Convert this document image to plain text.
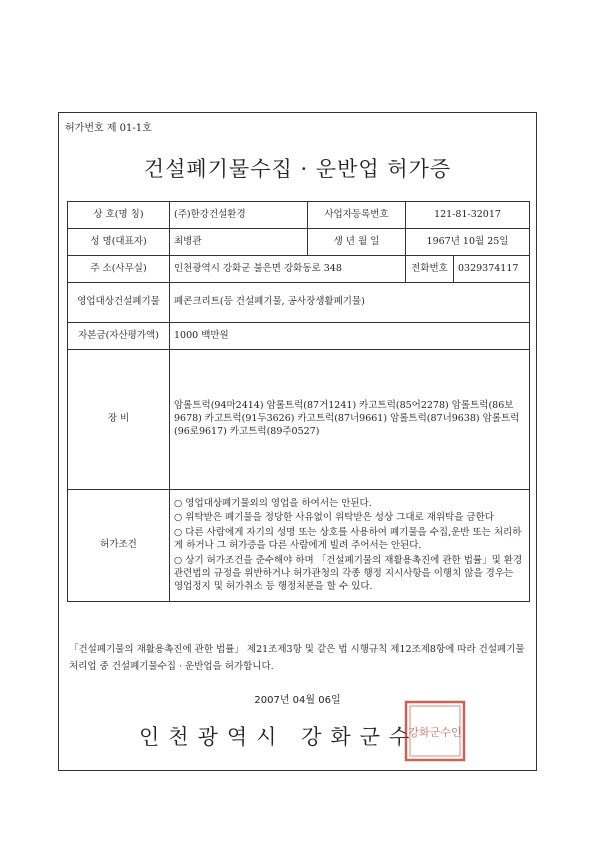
허가번호 제 01-1호
건설폐기물수집 · 운반업 허가증
상 호(명 칭)	(주)한강건설환경	사업자등록번호	121-81-32017	
성 명(대표자)	최병관	생 년 월 일	1967년 10월 25일	
주 소(사무실)	인천광역시 강화군 불은면 강화동로 348		전화번호	0329374117
영업대상건설폐기물	폐콘크리트(등 건설폐기물, 공사장생활폐기물)			
자본금(자산평가액)	1000 백만원			
장 비	암롤트럭(94마2414) 암롤트럭(87거1241) 카고트럭(85어2278) 암롤트럭(86보9678) 카고트럭(91두3626) 카고트럭(87너9661) 암롤트럭(87너9638) 암롤트럭(96로9617) 카고트럭(89주0527)			
허가조건	○ 영업대상폐기물외의 영업을 하여서는 안된다.
○ 위탁받은 폐기물을 정당한 사유없이 위탁받은 성상 그대로 재위탁을 금한다
○ 다른 사람에게 자기의 성명 또는 상호를 사용하여 폐기물을 수집,운반 또는 처리하게 하거나 그 허가증을 다른 사람에게 빌려 주어서는 안된다.
○ 상기 허가조건을 준수해야 하며 「건설폐기물의 재활용촉진에 관한 법률」및 환경관련법의 규정을 위반하거나 허가관청의 각종 행정 지시사항을 이행치 않을 경우는 영업정지 및 허가취소 등 행정처분을 할 수 있다.			
「건설폐기물의 재활용촉진에 관한 법률」 제21조제3항 및 같은 법 시행규칙 제12조제8항에 따라 건설폐기물 처리업 중 건설폐기물수집 · 운반업을 허가합니다.
2007년 04월 06일
인천광역시 강화군수
강화군수인
